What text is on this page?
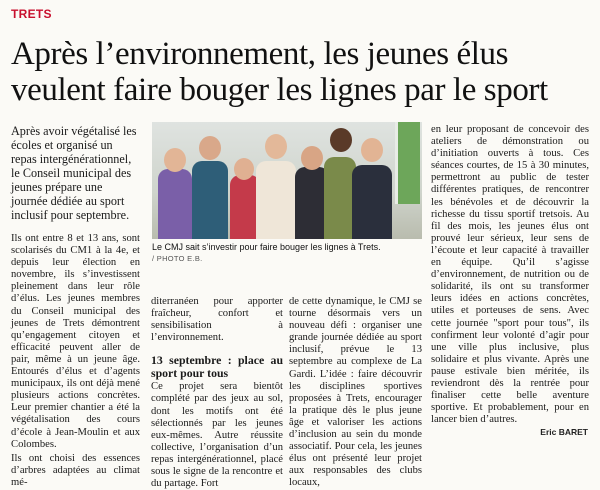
TRETS
Après l’environnement, les jeunes élus
veulent faire bouger les lignes par le sport

Après avoir végétalisé les écoles et organisé un repas intergénérationnel, le Conseil municipal des jeunes prépare une journée dédiée au sport inclusif pour septembre.

Le CMJ sait s’investir pour faire bouger les lignes à Trets.
/ PHOTO E.B.

Ils ont entre 8 et 13 ans, sont scolarisés du CM1 à la 4e, et depuis leur élection en novembre, ils s’investissent pleinement dans leur rôle d’élus. Les jeunes membres du Conseil municipal des jeunes de Trets démontrent qu’engagement citoyen et efficacité peuvent aller de pair, même à un jeune âge. Entourés d’élus et d’agents municipaux, ils ont déjà mené plusieurs actions concrètes. Leur premier chantier a été la végétalisation des cours d’école à Jean-Moulin et aux Colombes.

Ils ont choisi des essences d’arbres adaptées au climat mé-

diterranéen pour apporter fraîcheur, confort et sensibilisation à l’environnement.

13 septembre : place au sport pour tous

Ce projet sera bientôt complété par des jeux au sol, dont les motifs ont été sélectionnés par les jeunes eux-mêmes. Autre réussite collective, l’organisation d’un repas intergénérationnel, placé sous le signe de la rencontre et du partage. Fort

de cette dynamique, le CMJ se tourne désormais vers un nouveau défi : organiser une grande journée dédiée au sport inclusif, prévue le 13 septembre au complexe de La Gardi. L’idée : faire découvrir les disciplines sportives proposées à Trets, encourager la pratique dès le plus jeune âge et valoriser les actions d’inclusion au sein du monde associatif. Pour cela, les jeunes élus ont présenté leur projet aux responsables des clubs locaux,

en leur proposant de concevoir des ateliers de démonstration ou d’initiation ouverts à tous. Ces séances courtes, de 15 à 30 minutes, permettront au public de tester différentes pratiques, de rencontrer les bénévoles et de découvrir la richesse du tissu sportif tretsois. Au fil des mois, les jeunes élus ont prouvé leur sérieux, leur sens de l’écoute et leur capacité à travailler en équipe. Qu’il s’agisse d’environnement, de nutrition ou de solidarité, ils ont su transformer leurs idées en actions concrètes, utiles et porteuses de sens. Avec cette journée "sport pour tous", ils confirment leur volonté d’agir pour une ville plus inclusive, plus solidaire et plus vivante. Après une pause estivale bien méritée, ils reviendront dès la rentrée pour finaliser cette belle aventure sportive. Et probablement, pour en lancer bien d’autres.

Eric BARET
